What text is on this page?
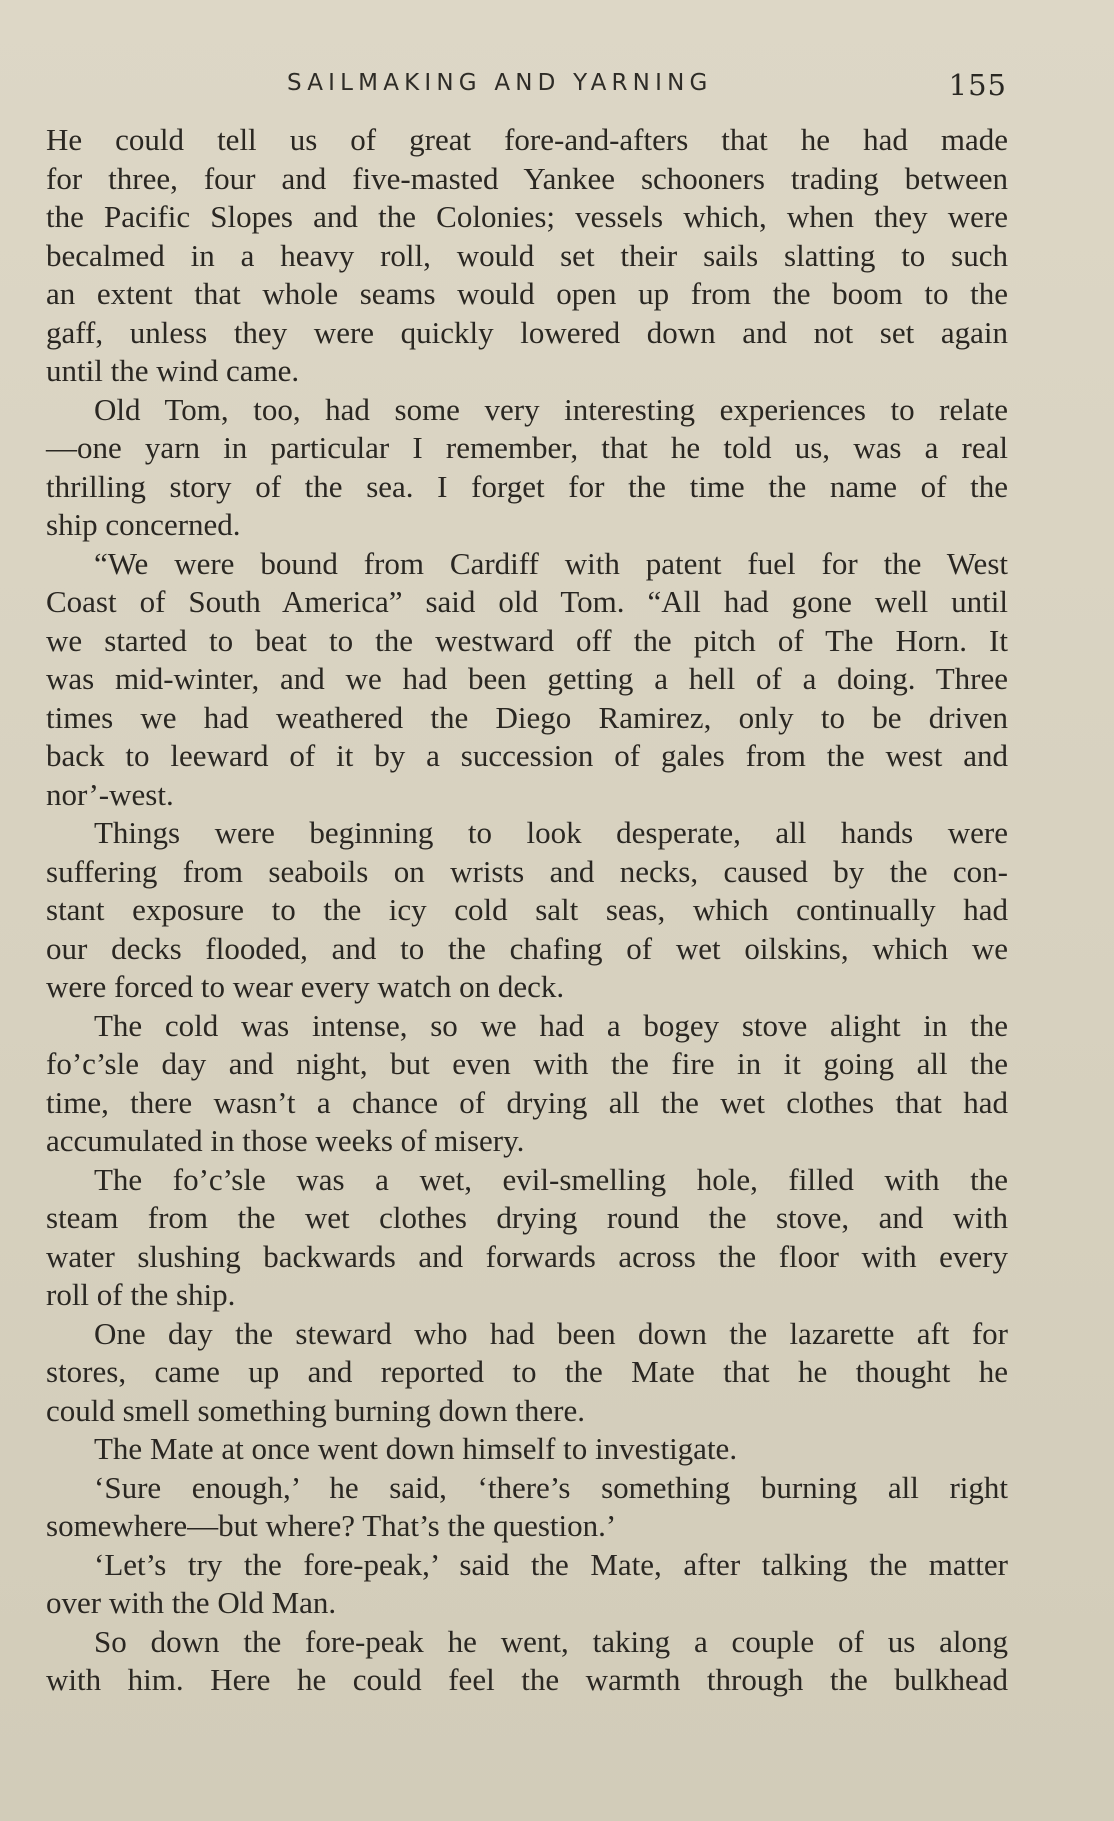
SAILMAKING AND YARNING	155
He could tell us of great fore-and-afters that he had made
for three, four and five-masted Yankee schooners trading between
the Pacific Slopes and the Colonies; vessels which, when they were
becalmed in a heavy roll, would set their sails slatting to such
an extent that whole seams would open up from the boom to the
gaff, unless they were quickly lowered down and not set again
until the wind came.
Old Tom, too, had some very interesting experiences to relate
—one yarn in particular I remember, that he told us, was a real
thrilling story of the sea. I forget for the time the name of the
ship concerned.
“We were bound from Cardiff with patent fuel for the West
Coast of South America” said old Tom. “All had gone well until
we started to beat to the westward off the pitch of The Horn. It
was mid-winter, and we had been getting a hell of a doing. Three
times we had weathered the Diego Ramirez, only to be driven
back to leeward of it by a succession of gales from the west and
nor’-west.
Things were beginning to look desperate, all hands were
suffering from seaboils on wrists and necks, caused by the con-
stant exposure to the icy cold salt seas, which continually had
our decks flooded, and to the chafing of wet oilskins, which we
were forced to wear every watch on deck.
The cold was intense, so we had a bogey stove alight in the
fo’c’sle day and night, but even with the fire in it going all the
time, there wasn’t a chance of drying all the wet clothes that had
accumulated in those weeks of misery.
The fo’c’sle was a wet, evil-smelling hole, filled with the
steam from the wet clothes drying round the stove, and with
water slushing backwards and forwards across the floor with every
roll of the ship.
One day the steward who had been down the lazarette aft for
stores, came up and reported to the Mate that he thought he
could smell something burning down there.
The Mate at once went down himself to investigate.
‘Sure enough,’ he said, ‘there’s something burning all right
somewhere—but where? That’s the question.’
‘Let’s try the fore-peak,’ said the Mate, after talking the matter
over with the Old Man.
So down the fore-peak he went, taking a couple of us along
with him. Here he could feel the warmth through the bulkhead
